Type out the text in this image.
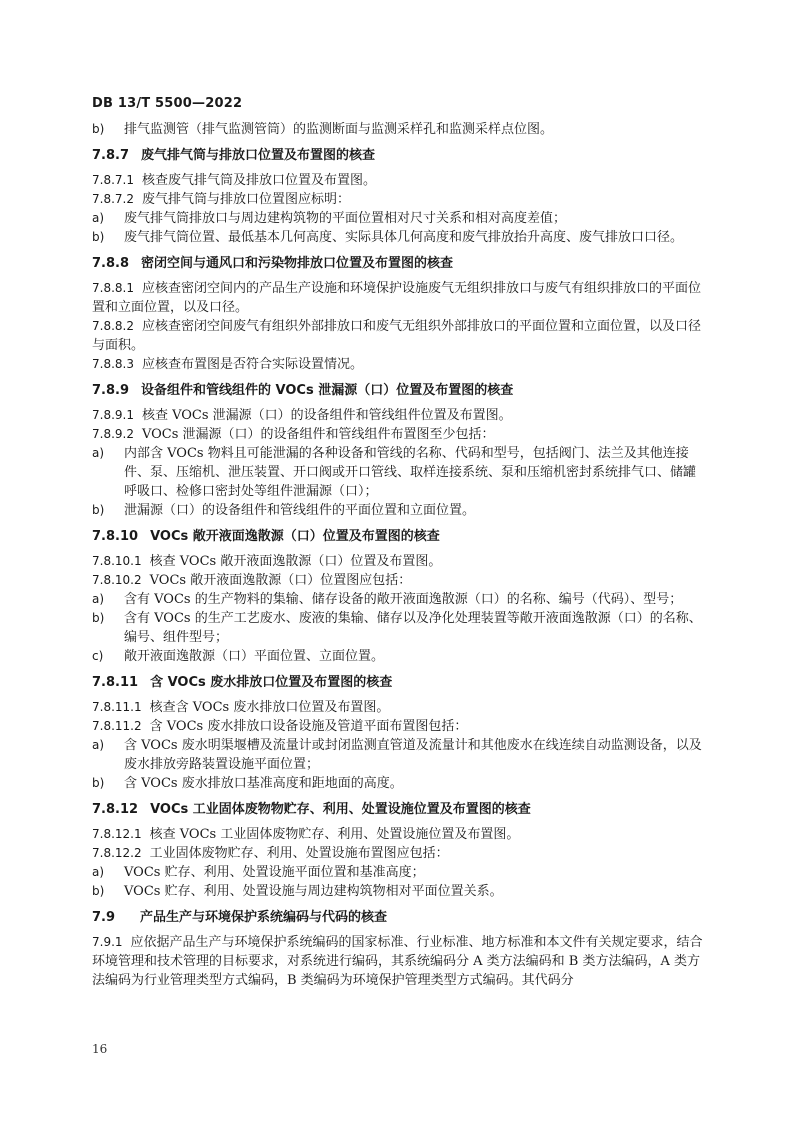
DB 13/T 5500—2022
b)	排气监测管（排气监测管筒）的监测断面与监测采样孔和监测采样点位图。
7.8.7 废气排气筒与排放口位置及布置图的核查
7.8.7.1 核查废气排气筒及排放口位置及布置图。
7.8.7.2 废气排气筒与排放口位置图应标明：
a)	废气排气筒排放口与周边建构筑物的平面位置相对尺寸关系和相对高度差值；
b)	废气排气筒位置、最低基本几何高度、实际具体几何高度和废气排放抬升高度、废气排放口口径。
7.8.8 密闭空间与通风口和污染物排放口位置及布置图的核查
7.8.8.1 应核查密闭空间内的产品生产设施和环境保护设施废气无组织排放口与废气有组织排放口的平面位置和立面位置，以及口径。
7.8.8.2 应核查密闭空间废气有组织外部排放口和废气无组织外部排放口的平面位置和立面位置，以及口径与面积。
7.8.8.3 应核查布置图是否符合实际设置情况。
7.8.9 设备组件和管线组件的 VOCs 泄漏源（口）位置及布置图的核查
7.8.9.1 核查 VOCs 泄漏源（口）的设备组件和管线组件位置及布置图。
7.8.9.2 VOCs 泄漏源（口）的设备组件和管线组件布置图至少包括：
a)	内部含 VOCs 物料且可能泄漏的各种设备和管线的名称、代码和型号，包括阀门、法兰及其他连接件、泵、压缩机、泄压装置、开口阀或开口管线、取样连接系统、泵和压缩机密封系统排气口、储罐呼吸口、检修口密封处等组件泄漏源（口）；
b)	泄漏源（口）的设备组件和管线组件的平面位置和立面位置。
7.8.10 VOCs 敞开液面逸散源（口）位置及布置图的核查
7.8.10.1 核查 VOCs 敞开液面逸散源（口）位置及布置图。
7.8.10.2 VOCs 敞开液面逸散源（口）位置图应包括：
a)	含有 VOCs 的生产物料的集输、储存设备的敞开液面逸散源（口）的名称、编号（代码）、型号；
b)	含有 VOCs 的生产工艺废水、废液的集输、储存以及净化处理装置等敞开液面逸散源（口）的名称、编号、组件型号；
c)	敞开液面逸散源（口）平面位置、立面位置。
7.8.11 含 VOCs 废水排放口位置及布置图的核查
7.8.11.1 核查含 VOCs 废水排放口位置及布置图。
7.8.11.2 含 VOCs 废水排放口设备设施及管道平面布置图包括：
a)	含 VOCs 废水明渠堰槽及流量计或封闭监测直管道及流量计和其他废水在线连续自动监测设备，以及废水排放旁路装置设施平面位置；
b)	含 VOCs 废水排放口基准高度和距地面的高度。
7.8.12 VOCs 工业固体废物物贮存、利用、处置设施位置及布置图的核查
7.8.12.1 核查 VOCs 工业固体废物贮存、利用、处置设施位置及布置图。
7.8.12.2 工业固体废物贮存、利用、处置设施布置图应包括：
a)	VOCs 贮存、利用、处置设施平面位置和基准高度；
b)	VOCs 贮存、利用、处置设施与周边建构筑物相对平面位置关系。
7.9 产品生产与环境保护系统编码与代码的核查
7.9.1 应依据产品生产与环境保护系统编码的国家标准、行业标准、地方标准和本文件有关规定要求，结合环境管理和技术管理的目标要求，对系统进行编码，其系统编码分 A 类方法编码和 B 类方法编码，A 类方法编码为行业管理类型方式编码，B 类编码为环境保护管理类型方式编码。其代码分
16
